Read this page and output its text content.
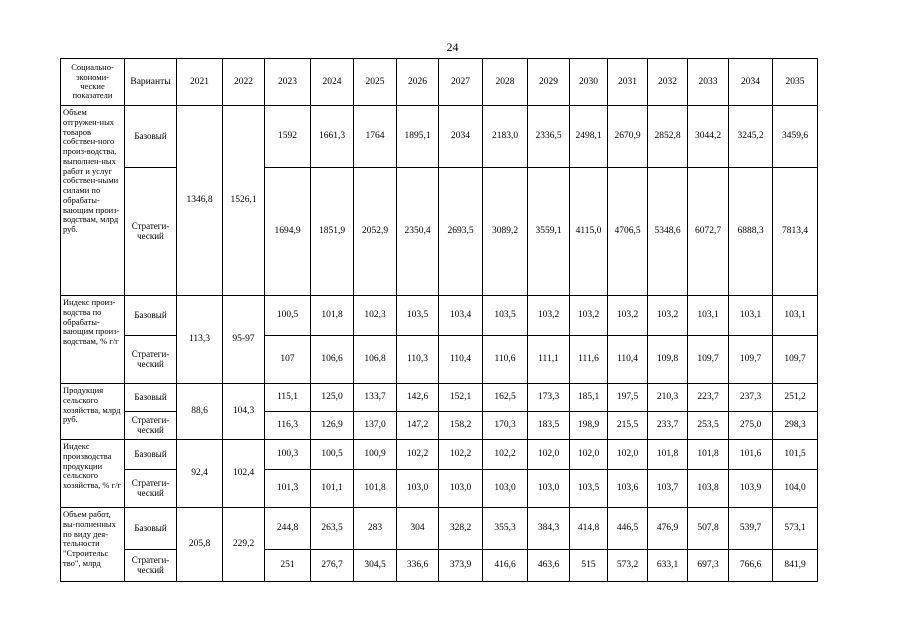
24
Социально-
экономи-
ческие
показатели	Варианты	2021	2022	2023	2024	2025	2026	2027	2028	2029	2030	2031	2032	2033	2034	2035
Объем отгружен-ных товаров собствен-ного произ-водства, выполнен-ных работ и услуг собствен-ными силами по обрабаты-вающим произ-водствам, млрд руб.	Базовый	1346,8	1526,1	1592	1661,3	1764	1895,1	2034	2183,0	2336,5	2498,1	2670,9	2852,8	3044,2	3245,2	3459,6
	Стратеги-ческий			1694,9	1851,9	2052,9	2350,4	2693,5	3089,2	3559,1	4115,0	4706,5	5348,6	6072,7	6888,3	7813,4
Индекс произ-водства по обрабаты-вающим произ-водствам, % г/г	Базовый	113,3	95-97	100,5	101,8	102,3	103,5	103,4	103,5	103,2	103,2	103,2	103,2	103,1	103,1	103,1
	Стратеги-ческий			107	106,6	106,8	110,3	110,4	110,6	111,1	111,6	110,4	109,8	109,7	109,7	109,7
Продукция сельского хозяйства, млрд руб.	Базовый	88,6	104,3	115,1	125,0	133,7	142,6	152,1	162,5	173,3	185,1	197,5	210,3	223,7	237,3	251,2
	Стратеги-ческий			116,3	126,9	137,0	147,2	158,2	170,3	183,5	198,9	215,5	233,7	253,5	275,0	298,3
Индекс производства продукции сельского хозяйства, % г/г	Базовый	92,4	102,4	100,3	100,5	100,9	102,2	102,2	102,2	102,0	102,0	102,0	101,8	101,8	101,6	101,5
	Стратеги-ческий			101,3	101,1	101,8	103,0	103,0	103,0	103,0	103,5	103,6	103,7	103,8	103,9	104,0
Объем работ, вы-полненных по виду дея-тельности "Строительс тво", млрд	Базовый	205,8	229,2	244,8	263,5	283	304	328,2	355,3	384,3	414,8	446,5	476,9	507,8	539,7	573,1
	Стратеги-ческий			251	276,7	304,5	336,6	373,9	416,6	463,6	515	573,2	633,1	697,3	766,6	841,9
